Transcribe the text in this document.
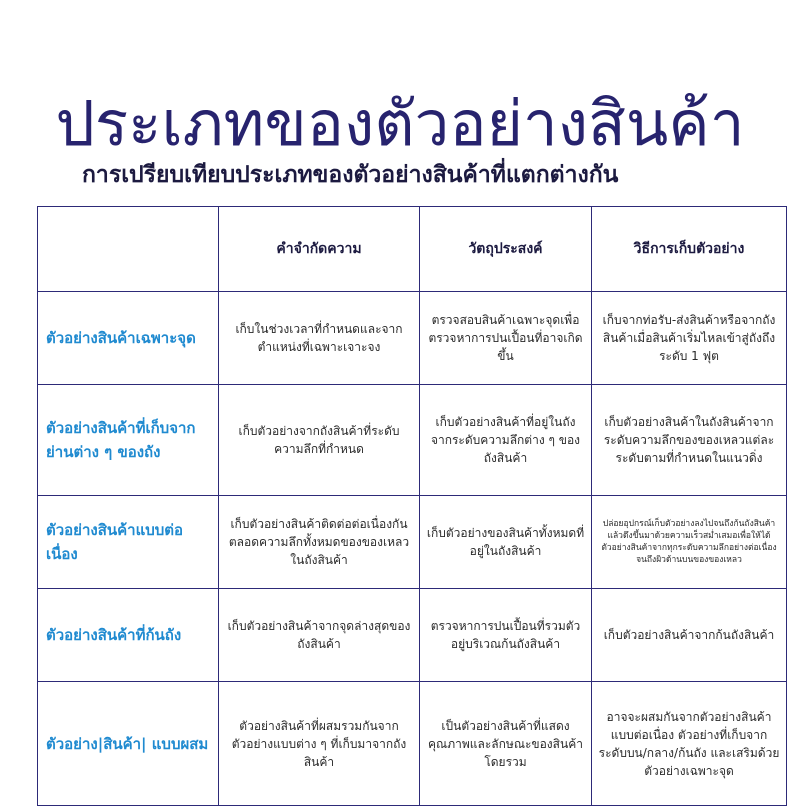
ประเภทของตัวอย่างสินค้า
การเปรียบเทียบประเภทของตัวอย่างสินค้าที่แตกต่างกัน
	คำจำกัดความ	วัตถุประสงค์	วิธีการเก็บตัวอย่าง
ตัวอย่างสินค้าเฉพาะจุด	เก็บในช่วงเวลาที่กำหนดและจากตำแหน่งที่เฉพาะเจาะจง	ตรวจสอบสินค้าเฉพาะจุดเพื่อตรวจหาการปนเปื้อนที่อาจเกิดขึ้น	เก็บจากท่อรับ-ส่งสินค้าหรือจากถังสินค้าเมื่อสินค้าเริ่มไหลเข้าสู่ถังถึงระดับ 1 ฟุต
ตัวอย่างสินค้าที่เก็บจากย่านต่าง ๆ ของถัง	เก็บตัวอย่างจากถังสินค้าที่ระดับความลึกที่กำหนด	เก็บตัวอย่างสินค้าที่อยู่ในถังจากระดับความลึกต่าง ๆ ของถังสินค้า	เก็บตัวอย่างสินค้าในถังสินค้าจากระดับความลึกของของเหลวแต่ละระดับตามที่กำหนดในแนวดิ่ง
ตัวอย่างสินค้าแบบต่อเนื่อง	เก็บตัวอย่างสินค้าติดต่อต่อเนื่องกันตลอดความลึกทั้งหมดของของเหลวในถังสินค้า	เก็บตัวอย่างของสินค้าทั้งหมดที่อยู่ในถังสินค้า	ปล่อยอุปกรณ์เก็บตัวอย่างลงไปจนถึงก้นถังสินค้าแล้วดึงขึ้นมาด้วยความเร็วสม่ำเสมอเพื่อให้ได้ตัวอย่างสินค้าจากทุกระดับความลึกอย่างต่อเนื่องจนถึงผิวด้านบนของของเหลว
ตัวอย่างสินค้าที่ก้นถัง	เก็บตัวอย่างสินค้าจากจุดล่างสุดของถังสินค้า	ตรวจหาการปนเปื้อนที่รวมตัวอยู่บริเวณก้นถังสินค้า	เก็บตัวอย่างสินค้าจากก้นถังสินค้า
ตัวอย่าง|สินค้า| แบบผสม	ตัวอย่างสินค้าที่ผสมรวมกันจากตัวอย่างแบบต่าง ๆ ที่เก็บมาจากถังสินค้า	เป็นตัวอย่างสินค้าที่แสดงคุณภาพและลักษณะของสินค้าโดยรวม	อาจจะผสมกันจากตัวอย่างสินค้าแบบต่อเนื่อง ตัวอย่างที่เก็บจากระดับบน/กลาง/ก้นถัง และเสริมด้วยตัวอย่างเฉพาะจุด
